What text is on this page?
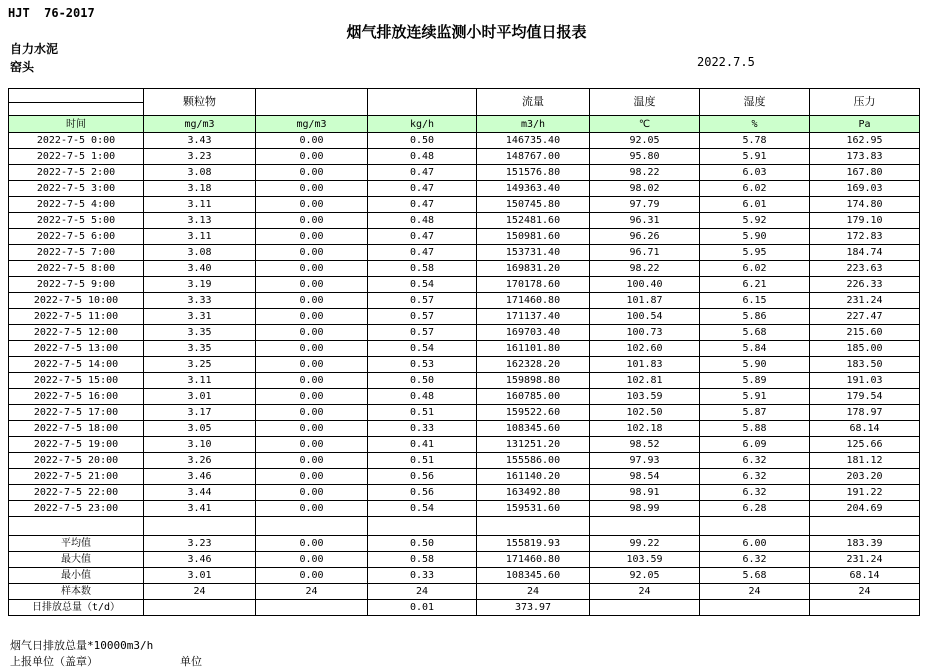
HJT  76-2017
烟气排放连续监测小时平均值日报表
自力水泥
窑头	2022.7.5
	颗粒物			流量	温度	湿度	压力

时间	mg/m3	mg/m3	kg/h	m3/h	℃	%	Pa
2022-7-5 0:00	3.43	0.00	0.50	146735.40	92.05	5.78	162.95
2022-7-5 1:00	3.23	0.00	0.48	148767.00	95.80	5.91	173.83
2022-7-5 2:00	3.08	0.00	0.47	151576.80	98.22	6.03	167.80
2022-7-5 3:00	3.18	0.00	0.47	149363.40	98.02	6.02	169.03
2022-7-5 4:00	3.11	0.00	0.47	150745.80	97.79	6.01	174.80
2022-7-5 5:00	3.13	0.00	0.48	152481.60	96.31	5.92	179.10
2022-7-5 6:00	3.11	0.00	0.47	150981.60	96.26	5.90	172.83
2022-7-5 7:00	3.08	0.00	0.47	153731.40	96.71	5.95	184.74
2022-7-5 8:00	3.40	0.00	0.58	169831.20	98.22	6.02	223.63
2022-7-5 9:00	3.19	0.00	0.54	170178.60	100.40	6.21	226.33
2022-7-5 10:00	3.33	0.00	0.57	171460.80	101.87	6.15	231.24
2022-7-5 11:00	3.31	0.00	0.57	171137.40	100.54	5.86	227.47
2022-7-5 12:00	3.35	0.00	0.57	169703.40	100.73	5.68	215.60
2022-7-5 13:00	3.35	0.00	0.54	161101.80	102.60	5.84	185.00
2022-7-5 14:00	3.25	0.00	0.53	162328.20	101.83	5.90	183.50
2022-7-5 15:00	3.11	0.00	0.50	159898.80	102.81	5.89	191.03
2022-7-5 16:00	3.01	0.00	0.48	160785.00	103.59	5.91	179.54
2022-7-5 17:00	3.17	0.00	0.51	159522.60	102.50	5.87	178.97
2022-7-5 18:00	3.05	0.00	0.33	108345.60	102.18	5.88	68.14
2022-7-5 19:00	3.10	0.00	0.41	131251.20	98.52	6.09	125.66
2022-7-5 20:00	3.26	0.00	0.51	155586.00	97.93	6.32	181.12
2022-7-5 21:00	3.46	0.00	0.56	161140.20	98.54	6.32	203.20
2022-7-5 22:00	3.44	0.00	0.56	163492.80	98.91	6.32	191.22
2022-7-5 23:00	3.41	0.00	0.54	159531.60	98.99	6.28	204.69

平均值	3.23	0.00	0.50	155819.93	99.22	6.00	183.39
最大值	3.46	0.00	0.58	171460.80	103.59	6.32	231.24
最小值	3.01	0.00	0.33	108345.60	92.05	5.68	68.14
样本数	24	24	24	24	24	24	24
日排放总量（t/d）			0.01	373.97			
烟气日排放总量*10000m3/h
上报单位（盖章）	单位
